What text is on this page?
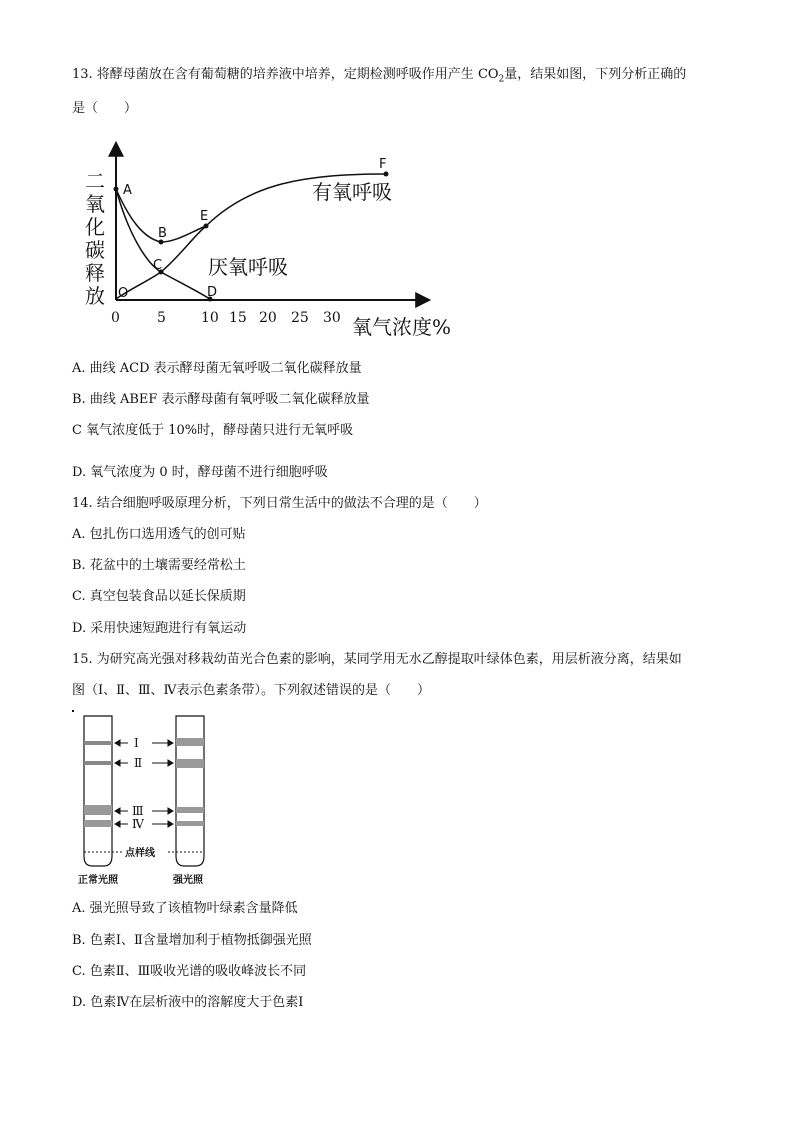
13. 将酵母菌放在含有葡萄糖的培养液中培养，定期检测呼吸作用产生 $CO_2$量，结果如图，下列分析正确的
是（　　）
二
氧
化
碳
释
放
A
B
C
D
E
F
O
有氧呼吸
厌氧呼吸
0	5	10 15 20 25 30 氧气浓度%
A. 曲线 ACD 表示酵母菌无氧呼吸二氧化碳释放量
B. 曲线 ABEF 表示酵母菌有氧呼吸二氧化碳释放量
C 氧气浓度低于 10%时，酵母菌只进行无氧呼吸
D. 氧气浓度为 0 时，酵母菌不进行细胞呼吸
14. 结合细胞呼吸原理分析，下列日常生活中的做法不合理的是（　　）
A. 包扎伤口选用透气的创可贴
B. 花盆中的土壤需要经常松土
C. 真空包装食品以延长保质期
D. 采用快速短跑进行有氧运动
15. 为研究高光强对移栽幼苗光合色素的影响，某同学用无水乙醇提取叶绿体色素，用层析液分离，结果如
图（Ⅰ、Ⅱ、Ⅲ、Ⅳ表示色素条带）。下列叙述错误的是（　　）
Ⅰ
Ⅱ
Ⅲ
Ⅳ
点样线
正常光照	强光照
A. 强光照导致了该植物叶绿素含量降低
B. 色素Ⅰ、Ⅱ含量增加利于植物抵御强光照
C. 色素Ⅱ、Ⅲ吸收光谱的吸收峰波长不同
D. 色素Ⅳ在层析液中的溶解度大于色素Ⅰ
